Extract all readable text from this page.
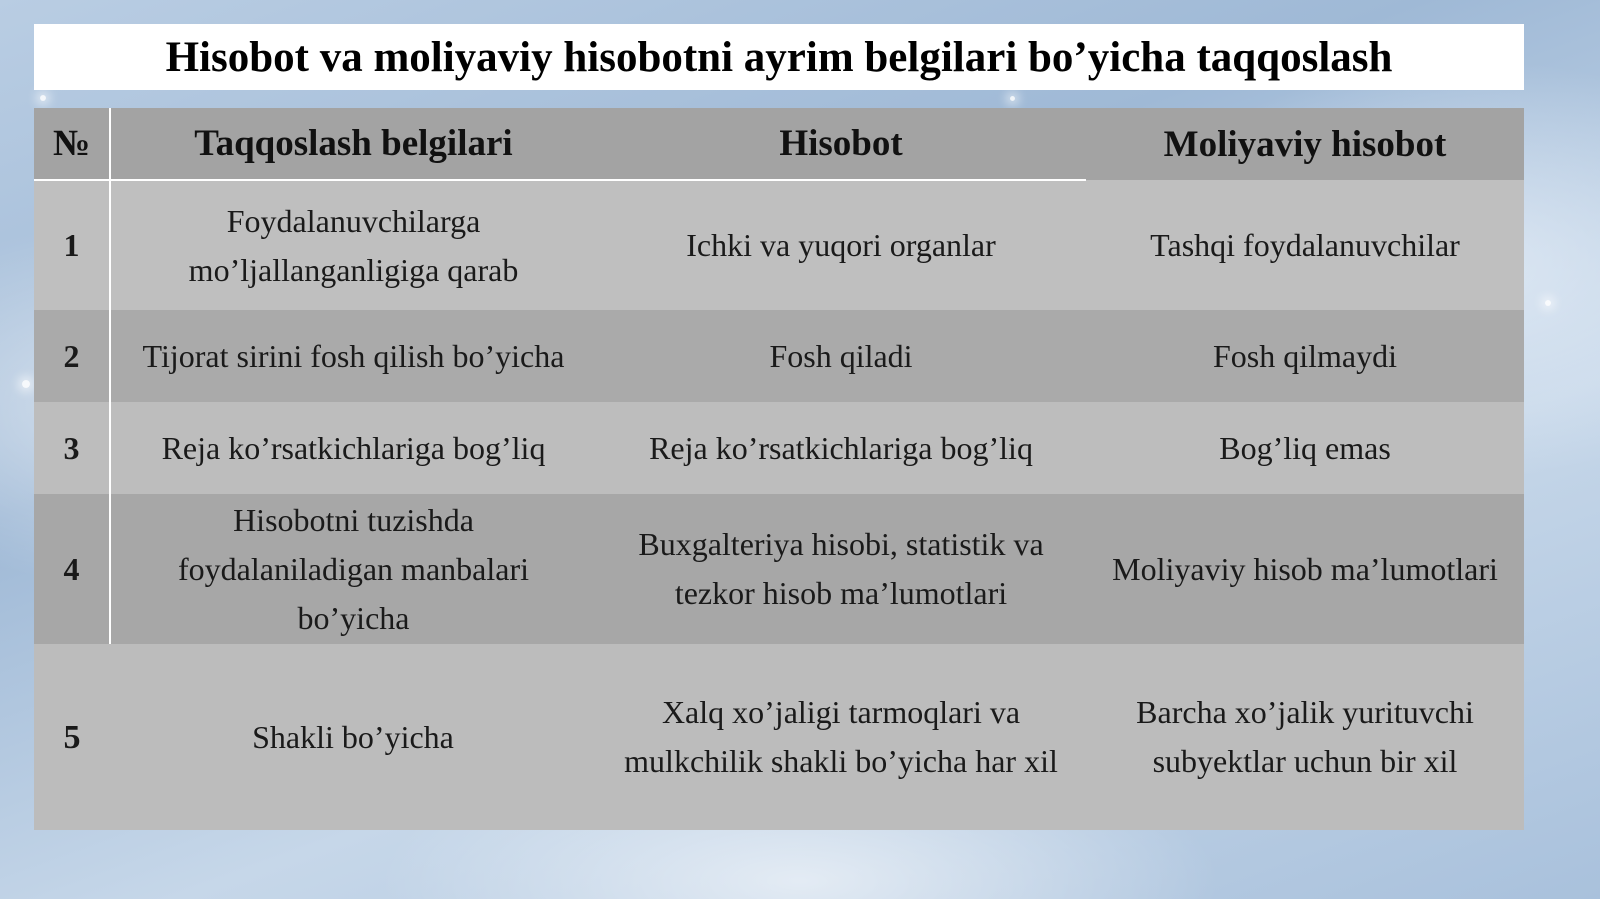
Hisobot va moliyaviy hisobotni ayrim belgilari bo’yicha taqqoslash
№	Taqqoslash belgilari	Hisobot	Moliyaviy hisobot
1	Foydalanuvchilarga mo’ljallanganligiga qarab	Ichki va yuqori organlar	Tashqi foydalanuvchilar
2	Tijorat sirini fosh qilish bo’yicha	Fosh qiladi	Fosh qilmaydi
3	Reja ko’rsatkichlariga bog’liq	Reja ko’rsatkichlariga bog’liq	Bog’liq emas
4	Hisobotni tuzishda foydalaniladigan manbalari bo’yicha	Buxgalteriya hisobi, statistik va tezkor hisob ma’lumotlari	Moliyaviy hisob ma’lumotlari
5	Shakli bo’yicha	Xalq xo’jaligi tarmoqlari va mulkchilik shakli bo’yicha har xil	Barcha xo’jalik yurituvchi subyektlar uchun bir xil
